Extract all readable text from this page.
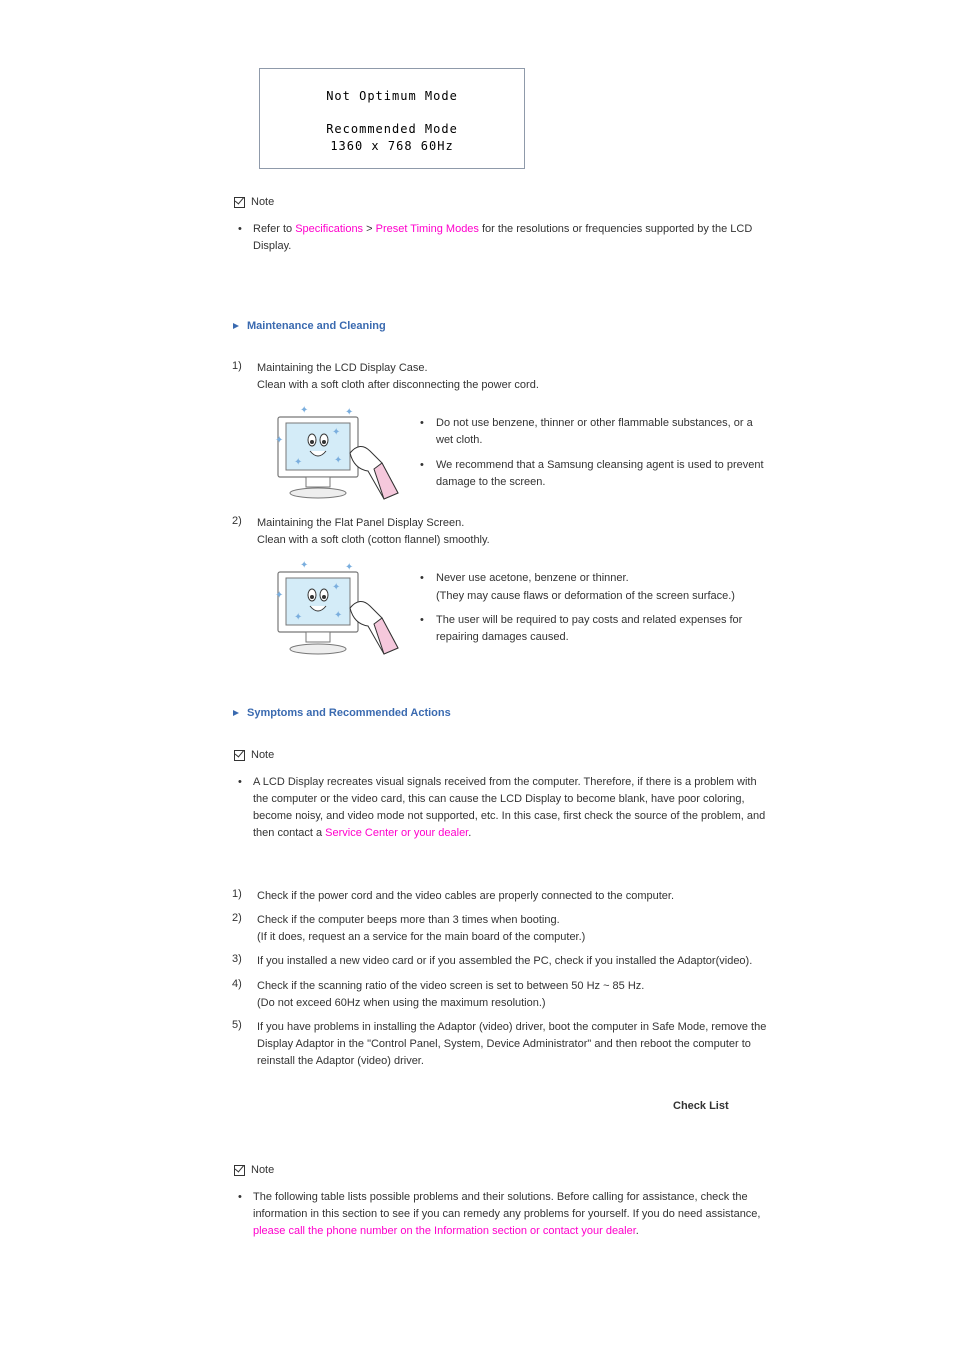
Not Optimum Mode
Recommended Mode
1360 x 768 60Hz
Note
• Refer to Specifications > Preset Timing Modes for the resolutions or frequencies supported by the LCD
Display.
Maintenance and Cleaning
1) Maintaining the LCD Display Case.
Clean with a soft cloth after disconnecting the power cord.
✦
✦	✦
✦
✦
✦
• Do not use benzene, thinner or other flammable substances, or a
wet cloth.
• We recommend that a Samsung cleansing agent is used to prevent
damage to the screen.
2) Maintaining the Flat Panel Display Screen.
Clean with a soft cloth (cotton flannel) smoothly.
✦
✦	✦
✦
✦
✦
• Never use acetone, benzene or thinner.
(They may cause flaws or deformation of the screen surface.)
• The user will be required to pay costs and related expenses for
repairing damages caused.
Symptoms and Recommended Actions
Note
• A LCD Display recreates visual signals received from the computer. Therefore, if there is a problem with
the computer or the video card, this can cause the LCD Display to become blank, have poor coloring,
become noisy, and video mode not supported, etc. In this case, first check the source of the problem, and
then contact a Service Center or your dealer.
1) Check if the power cord and the video cables are properly connected to the computer.
2) Check if the computer beeps more than 3 times when booting.
(If it does, request an a service for the main board of the computer.)
3) If you installed a new video card or if you assembled the PC, check if you installed the Adaptor(video).
4) Check if the scanning ratio of the video screen is set to between 50 Hz ~ 85 Hz.
(Do not exceed 60Hz when using the maximum resolution.)
5) If you have problems in installing the Adaptor (video) driver, boot the computer in Safe Mode, remove the
Display Adaptor in the "Control Panel, System, Device Administrator" and then reboot the computer to
reinstall the Adaptor (video) driver.
Check List
Note
• The following table lists possible problems and their solutions. Before calling for assistance, check the
information in this section to see if you can remedy any problems for yourself. If you do need assistance,
please call the phone number on the Information section or contact your dealer.
